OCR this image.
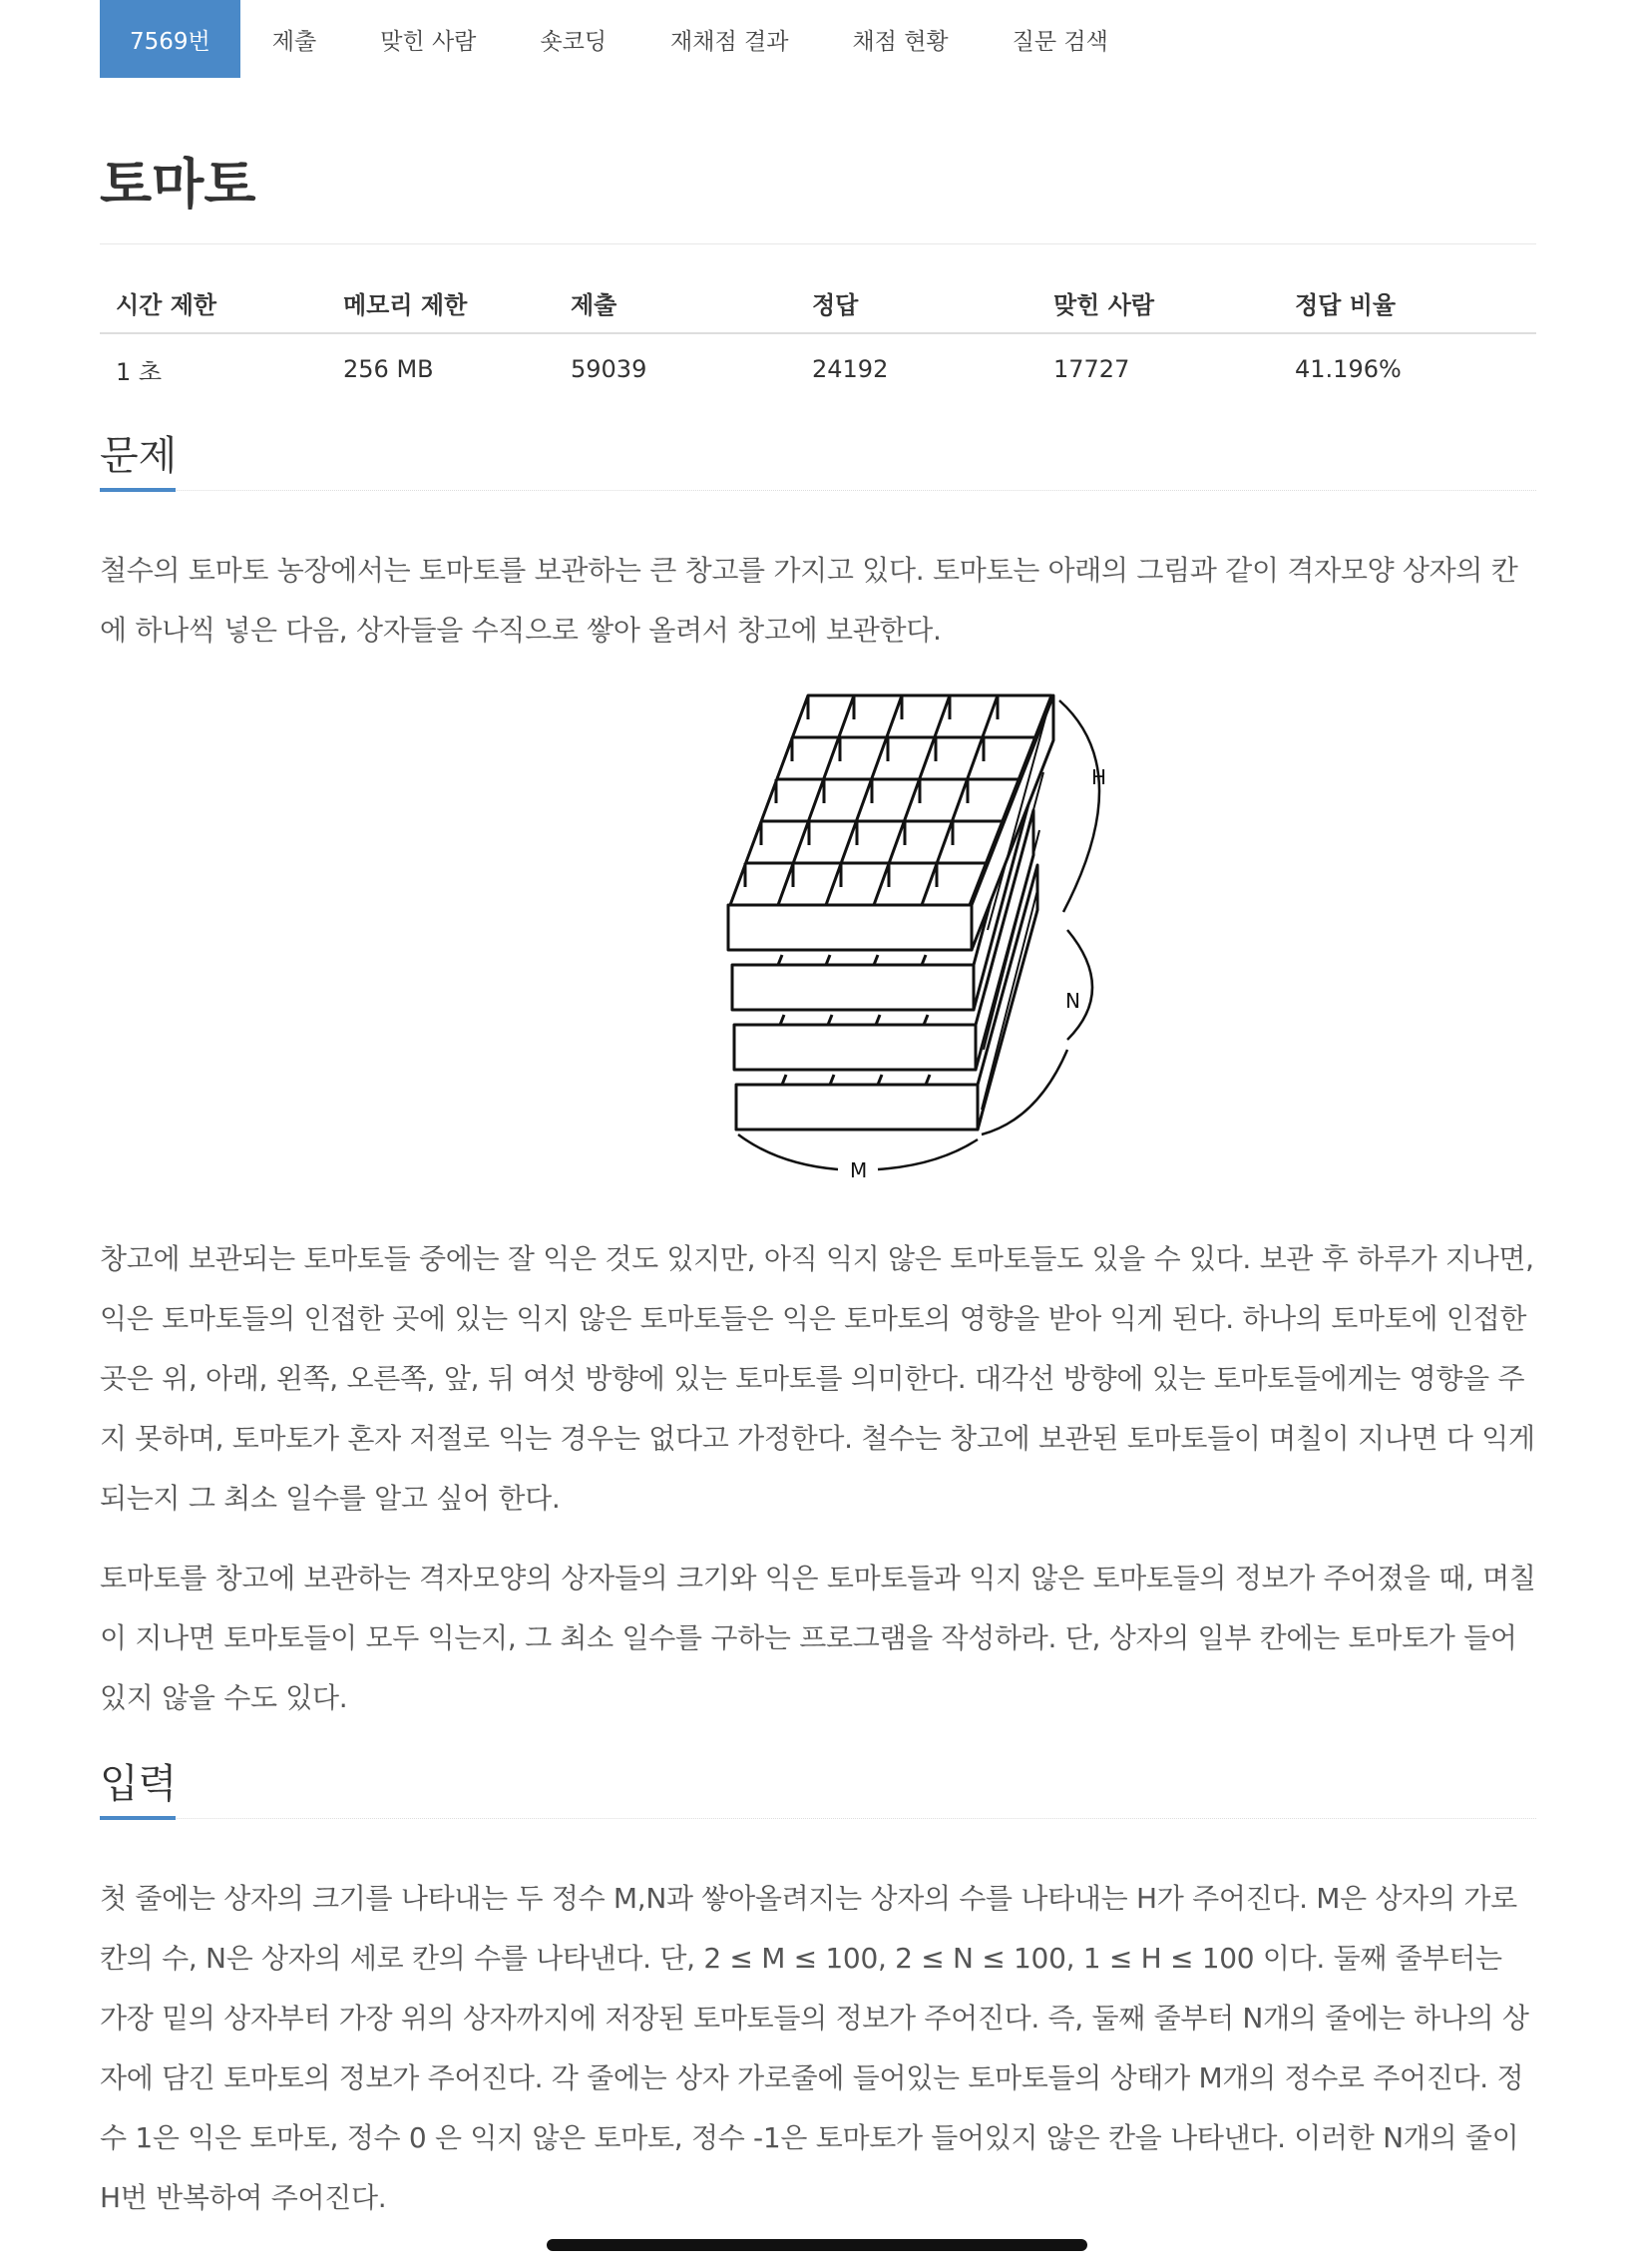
7569번	제출	맞힌 사람	숏코딩	재채점 결과	채점 현황	질문 검색
토마토
시간 제한	메모리 제한	제출	정답	맞힌 사람	정답 비율
1 초	256 MB	59039	24192	17727	41.196%
문제

철수의 토마토 농장에서는 토마토를 보관하는 큰 창고를 가지고 있다. 토마토는 아래의 그림과 같이 격자모양 상자의 칸에 하나씩 넣은 다음, 상자들을 수직으로 쌓아 올려서 창고에 보관한다.

H
N
M

창고에 보관되는 토마토들 중에는 잘 익은 것도 있지만, 아직 익지 않은 토마토들도 있을 수 있다. 보관 후 하루가 지나면, 익은 토마토들의 인접한 곳에 있는 익지 않은 토마토들은 익은 토마토의 영향을 받아 익게 된다. 하나의 토마토에 인접한 곳은 위, 아래, 왼쪽, 오른쪽, 앞, 뒤 여섯 방향에 있는 토마토를 의미한다. 대각선 방향에 있는 토마토들에게는 영향을 주지 못하며, 토마토가 혼자 저절로 익는 경우는 없다고 가정한다. 철수는 창고에 보관된 토마토들이 며칠이 지나면 다 익게 되는지 그 최소 일수를 알고 싶어 한다.

토마토를 창고에 보관하는 격자모양의 상자들의 크기와 익은 토마토들과 익지 않은 토마토들의 정보가 주어졌을 때, 며칠이 지나면 토마토들이 모두 익는지, 그 최소 일수를 구하는 프로그램을 작성하라. 단, 상자의 일부 칸에는 토마토가 들어있지 않을 수도 있다.

입력

첫 줄에는 상자의 크기를 나타내는 두 정수 M,N과 쌓아올려지는 상자의 수를 나타내는 H가 주어진다. M은 상자의 가로 칸의 수, N은 상자의 세로 칸의 수를 나타낸다. 단, 2 ≤ M ≤ 100, 2 ≤ N ≤ 100, 1 ≤ H ≤ 100 이다. 둘째 줄부터는 가장 밑의 상자부터 가장 위의 상자까지에 저장된 토마토들의 정보가 주어진다. 즉, 둘째 줄부터 N개의 줄에는 하나의 상자에 담긴 토마토의 정보가 주어진다. 각 줄에는 상자 가로줄에 들어있는 토마토들의 상태가 M개의 정수로 주어진다. 정수 1은 익은 토마토, 정수 0 은 익지 않은 토마토, 정수 -1은 토마토가 들어있지 않은 칸을 나타낸다. 이러한 N개의 줄이 H번 반복하여 주어진다.
